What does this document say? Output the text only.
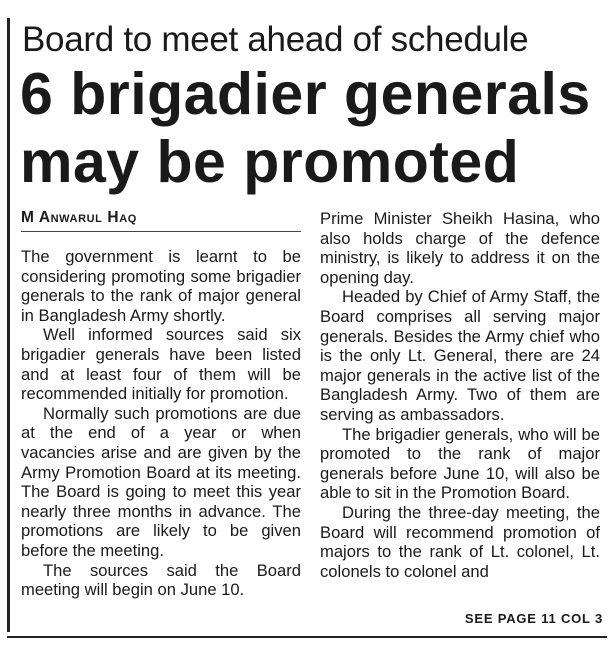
Board to meet ahead of schedule
6 brigadier generals
may be promoted
M Anwarul Haq

The government is learnt to be considering promoting some brigadier generals to the rank of major general in Bangladesh Army shortly.

Well informed sources said six brigadier generals have been listed and at least four of them will be recommended initially for promotion.

Normally such promotions are due at the end of a year or when vacancies arise and are given by the Army Promotion Board at its meeting. The Board is going to meet this year nearly three months in advance. The promotions are likely to be given before the meeting.

The sources said the Board meeting will begin on June 10.

Prime Minister Sheikh Hasina, who also holds charge of the defence ministry, is likely to address it on the opening day.

Headed by Chief of Army Staff, the Board comprises all serving major generals. Besides the Army chief who is the only Lt. General, there are 24 major generals in the active list of the Bangladesh Army. Two of them are serving as ambassadors.

The brigadier generals, who will be promoted to the rank of major generals before June 10, will also be able to sit in the Promotion Board.

During the three-day meeting, the Board will recommend promotion of majors to the rank of Lt. colonel, Lt. colonels to colonel and

SEE PAGE 11 COL 3
